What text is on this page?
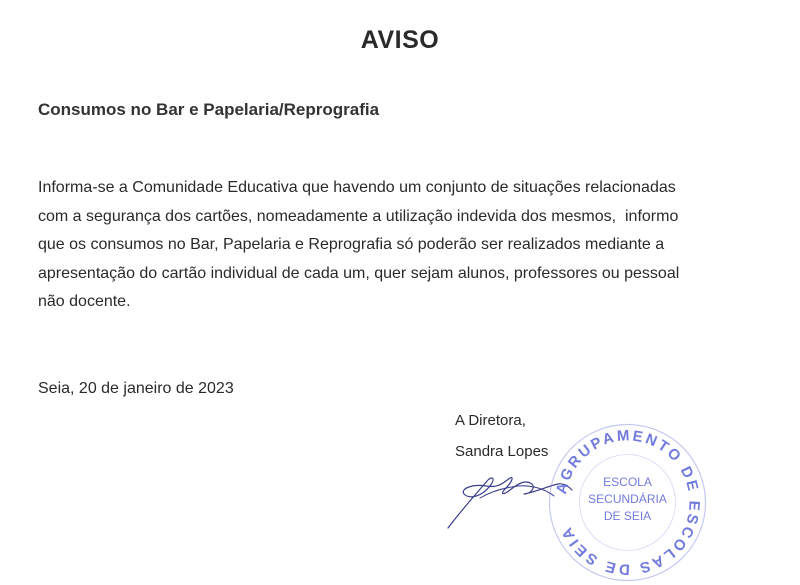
AVISO
Consumos no Bar e Papelaria/Reprografia
Informa-se a Comunidade Educativa que havendo um conjunto de situações relacionadas
com a segurança dos cartões, nomeadamente a utilização indevida dos mesmos,  informo
que os consumos no Bar, Papelaria e Reprografia só poderão ser realizados mediante a
apresentação do cartão individual de cada um, quer sejam alunos, professores ou pessoal
não docente.
Seia, 20 de janeiro de 2023
A Diretora,
Sandra Lopes
AGRUPAMENTO DE ESCOLAS DE SEIA
ESCOLA
SECUNDÁRIA
DE SEIA
